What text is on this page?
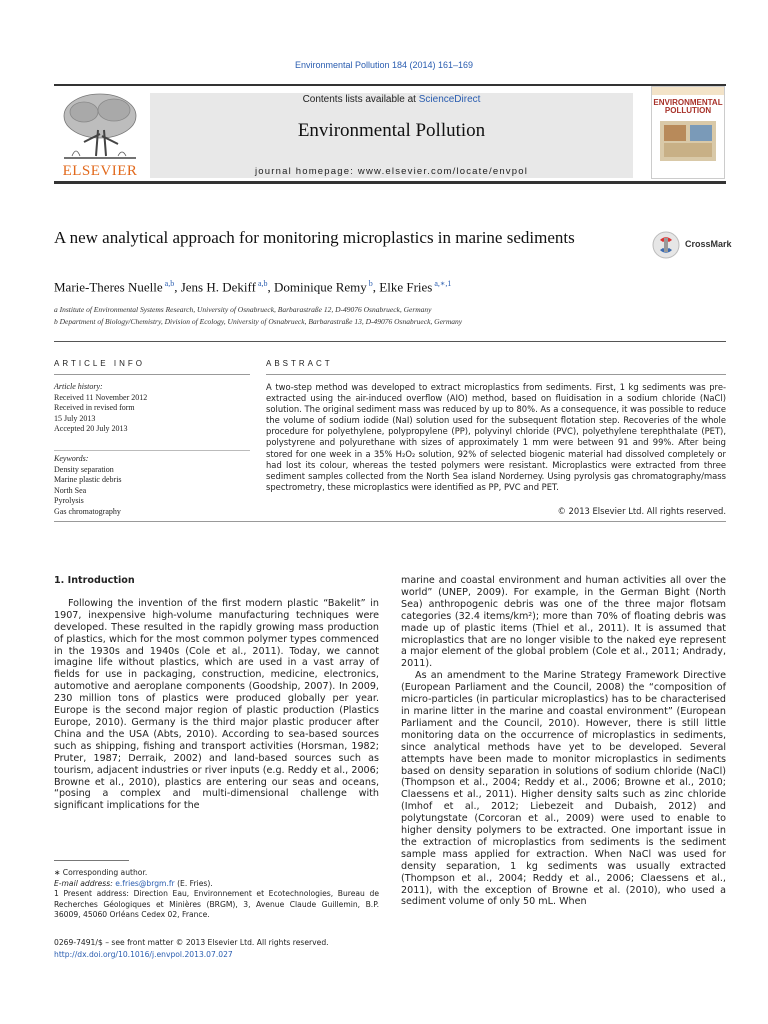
Environmental Pollution 184 (2014) 161–169
ELSEVIER
Contents lists available at ScienceDirect
Environmental Pollution
journal homepage: www.elsevier.com/locate/envpol
ENVIRONMENTAL POLLUTION
A new analytical approach for monitoring microplastics in marine sediments	CrossMark
Marie-Theres Nuelle $^{a,b}$, Jens H. Dekiff $^{a,b}$, Dominique Remy $^b$, Elke Fries $^{a,∗,1}$
a Institute of Environmental Systems Research, University of Osnabrueck, Barbarastraße 12, D-49076 Osnabrueck, Germany
b Department of Biology/Chemistry, Division of Ecology, University of Osnabrueck, Barbarastraße 13, D-49076 Osnabrueck, Germany
ARTICLE INFO	ABSTRACT
Article history:
Received 11 November 2012
Received in revised form
15 July 2013
Accepted 20 July 2013
Keywords:
Density separation
Marine plastic debris
North Sea
Pyrolysis
Gas chromatography
A two-step method was developed to extract microplastics from sediments. First, 1 kg sediments was pre-extracted using the air-induced overflow (AIO) method, based on fluidisation in a sodium chloride (NaCl) solution. The original sediment mass was reduced by up to 80%. As a consequence, it was possible to reduce the volume of sodium iodide (NaI) solution used for the subsequent flotation step. Recoveries of the whole procedure for polyethylene, polypropylene (PP), polyvinyl chloride (PVC), polyethylene terephthalate (PET), polystyrene and polyurethane with sizes of approximately 1 mm were between 91 and 99%. After being stored for one week in a 35% H₂O₂ solution, 92% of selected biogenic material had dissolved completely or had lost its colour, whereas the tested polymers were resistant. Microplastics were extracted from three sediment samples collected from the North Sea island Norderney. Using pyrolysis gas chromatography/mass spectrometry, these microplastics were identified as PP, PVC and PET.
© 2013 Elsevier Ltd. All rights reserved.
1. Introduction

Following the invention of the first modern plastic “Bakelit” in 1907, inexpensive high-volume manufacturing techniques were developed. These resulted in the rapidly growing mass production of plastics, which for the most common polymer types commenced in the 1930s and 1940s (Cole et al., 2011). Today, we cannot imagine life without plastics, which are used in a vast array of fields for use in packaging, construction, medicine, electronics, automotive and aeroplane components (Goodship, 2007). In 2009, 230 million tons of plastics were produced globally per year. Europe is the second major region of plastic production (Plastics Europe, 2010). Germany is the third major plastic producer after China and the USA (Abts, 2010). According to sea-based sources such as shipping, fishing and transport activities (Horsman, 1982; Pruter, 1987; Derraik, 2002) and land-based sources such as tourism, adjacent industries or river inputs (e.g. Reddy et al., 2006; Browne et al., 2010), plastics are entering our seas and oceans, “posing a complex and multi-dimensional challenge with significant implications for the

marine and coastal environment and human activities all over the world” (UNEP, 2009). For example, in the German Bight (North Sea) anthropogenic debris was one of the three major flotsam categories (32.4 items/km²); more than 70% of floating debris was made up of plastic items (Thiel et al., 2011). It is assumed that microplastics that are no longer visible to the naked eye represent a major element of the global problem (Cole et al., 2011; Andrady, 2011).

As an amendment to the Marine Strategy Framework Directive (European Parliament and the Council, 2008) the “composition of micro-particles (in particular microplastics) has to be characterised in marine litter in the marine and coastal environment” (European Parliament and the Council, 2010). However, there is still little monitoring data on the occurrence of microplastics in sediments, since analytical methods have yet to be developed. Several attempts have been made to monitor microplastics in sediments based on density separation in solutions of sodium chloride (NaCl) (Thompson et al., 2004; Reddy et al., 2006; Browne et al., 2010; Claessens et al., 2011). Higher density salts such as zinc chloride (Imhof et al., 2012; Liebezeit and Dubaish, 2012) and polytungstate (Corcoran et al., 2009) were used to enable to higher density polymers to be extracted. One important issue in the extraction of microplastics from sediments is the sediment sample mass applied for extraction. When NaCl was used for density separation, 1 kg sediments was usually extracted (Thompson et al., 2004; Reddy et al., 2006; Claessens et al., 2011), with the exception of Browne et al. (2010), who used a sediment volume of only 50 mL. When

∗ Corresponding author.

E-mail address: e.fries@brgm.fr (E. Fries).

1 Present address: Direction Eau, Environnement et Ecotechnologies, Bureau de Recherches Géologiques et Minières (BRGM), 3, Avenue Claude Guillemin, B.P. 36009, 45060 Orléans Cedex 02, France.

0269-7491/$ – see front matter © 2013 Elsevier Ltd. All rights reserved.
http://dx.doi.org/10.1016/j.envpol.2013.07.027
